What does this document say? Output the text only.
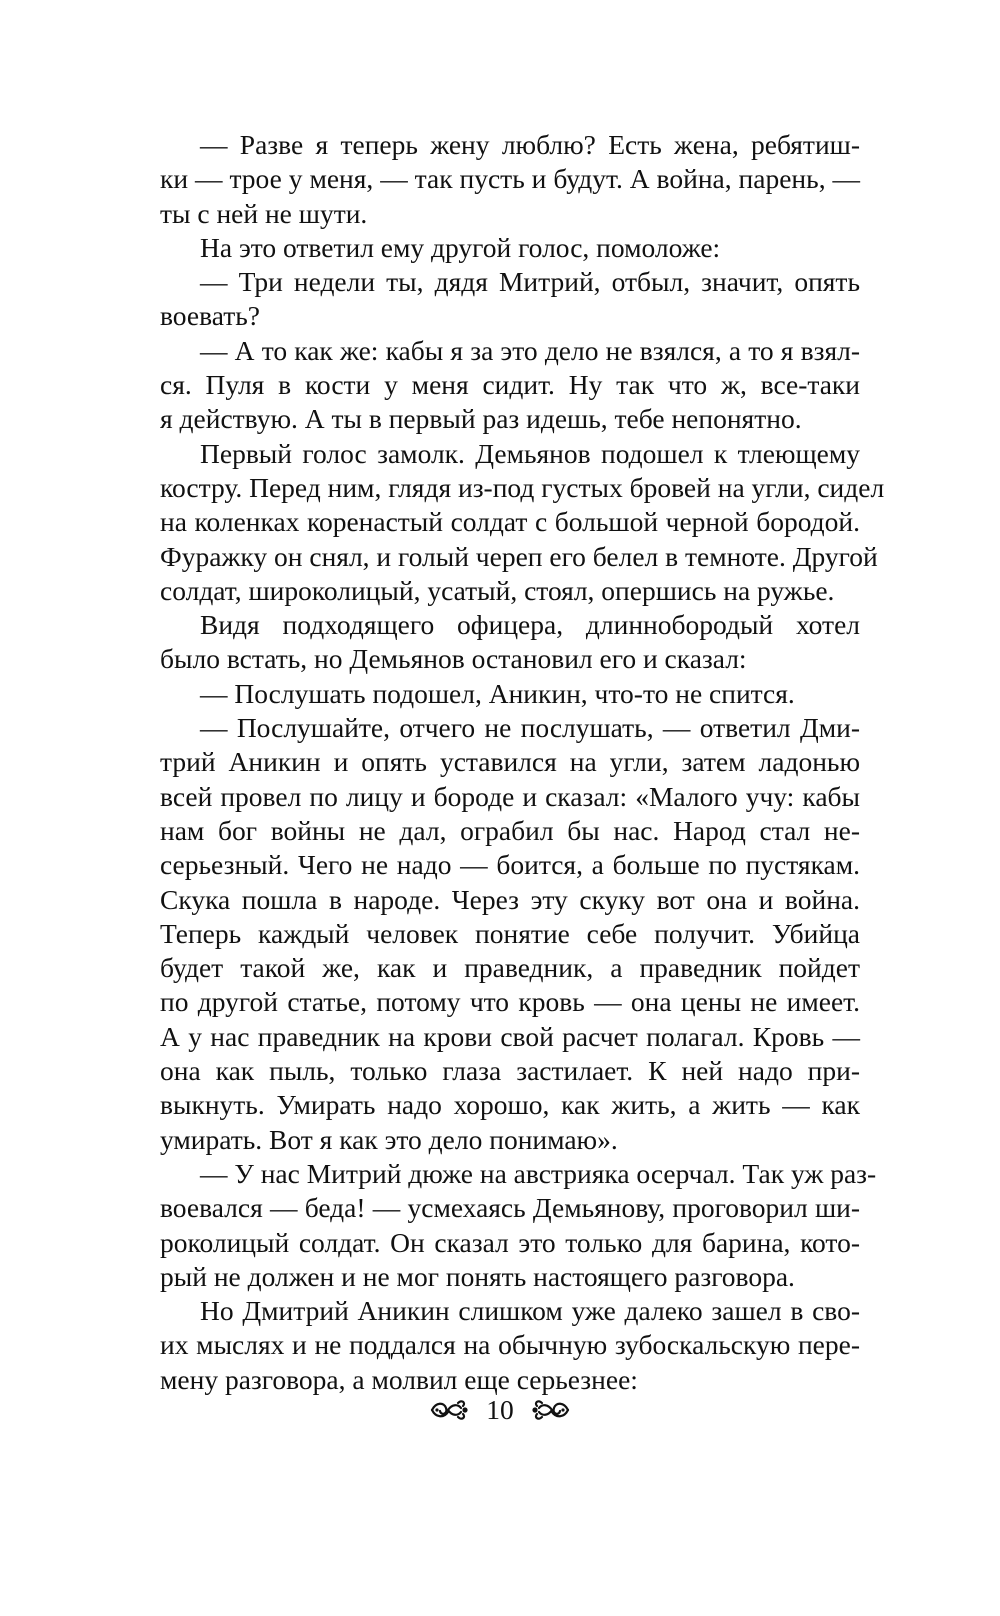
— Разве я теперь жену люблю? Есть жена, ребятиш-
ки — трое у меня, — так пусть и будут. А война, парень, —
ты с ней не шути.
На это ответил ему другой голос, помоложе:
— Три недели ты, дядя Митрий, отбыл, значит, опять
воевать?
— А то как же: кабы я за это дело не взялся, а то я взял-
ся. Пуля в кости у меня сидит. Ну так что ж, все-таки
я действую. А ты в первый раз идешь, тебе непонятно.
Первый голос замолк. Демьянов подошел к тлеющему
костру. Перед ним, глядя из-под густых бровей на угли, сидел
на коленках коренастый солдат с большой черной бородой.
Фуражку он снял, и голый череп его белел в темноте. Другой
солдат, широколицый, усатый, стоял, опершись на ружье.
Видя подходящего офицера, длиннобородый хотел
было встать, но Демьянов остановил его и сказал:
— Послушать подошел, Аникин, что-то не спится.
— Послушайте, отчего не послушать, — ответил Дми-
трий Аникин и опять уставился на угли, затем ладонью
всей провел по лицу и бороде и сказал: «Малого учу: кабы
нам бог войны не дал, ограбил бы нас. Народ стал не-
серьезный. Чего не надо — боится, а больше по пустякам.
Скука пошла в народе. Через эту скуку вот она и война.
Теперь каждый человек понятие себе получит. Убийца
будет такой же, как и праведник, а праведник пойдет
по другой статье, потому что кровь — она цены не имеет.
А у нас праведник на крови свой расчет полагал. Кровь —
она как пыль, только глаза застилает. К ней надо при-
выкнуть. Умирать надо хорошо, как жить, а жить — как
умирать. Вот я как это дело понимаю».
— У нас Митрий дюже на австрияка осерчал. Так уж раз-
воевался — беда! — усмехаясь Демьянову, проговорил ши-
роколицый солдат. Он сказал это только для барина, кото-
рый не должен и не мог понять настоящего разговора.
Но Дмитрий Аникин слишком уже далеко зашел в сво-
их мыслях и не поддался на обычную зубоскальскую пере-
мену разговора, а молвил еще серьезнее:
10
